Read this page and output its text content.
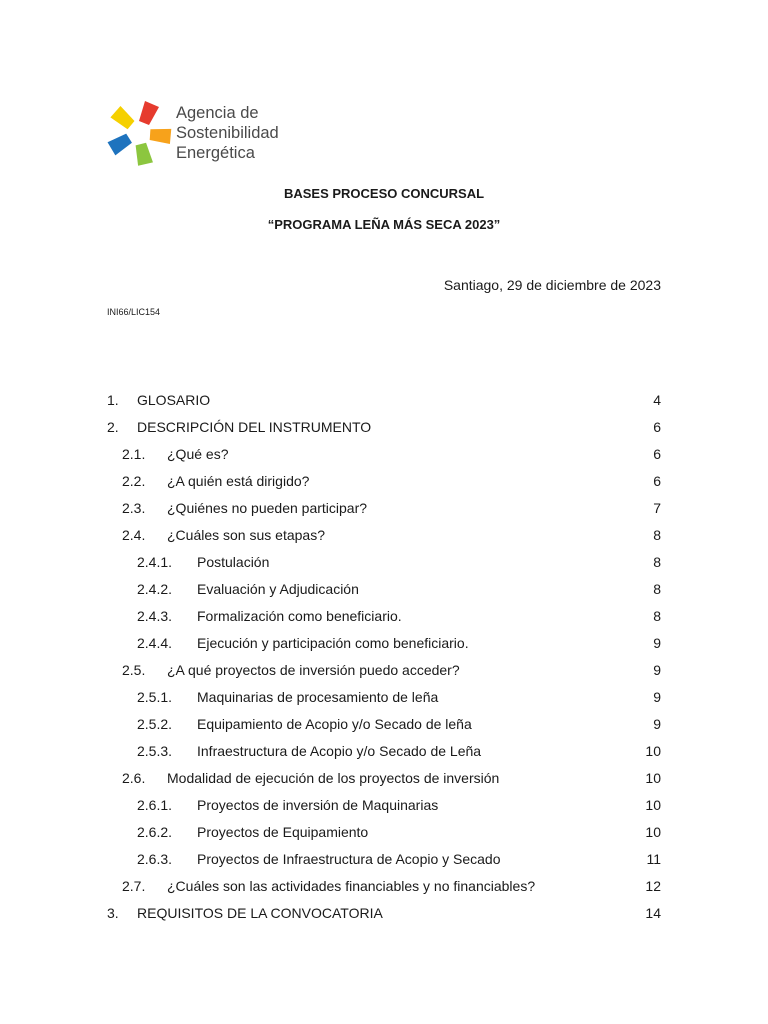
Agencia de
Sostenibilidad
Energética
BASES PROCESO CONCURSAL
“PROGRAMA LEÑA MÁS SECA 2023”
Santiago, 29 de diciembre de 2023
INI66/LIC154
1. GLOSARIO	4
2. DESCRIPCIÓN DEL INSTRUMENTO	6
2.1. ¿Qué es?	6
2.2. ¿A quién está dirigido?	6
2.3. ¿Quiénes no pueden participar?	7
2.4. ¿Cuáles son sus etapas?	8
2.4.1. Postulación	8
2.4.2. Evaluación y Adjudicación	8
2.4.3. Formalización como beneficiario.	8
2.4.4. Ejecución y participación como beneficiario.	9
2.5. ¿A qué proyectos de inversión puedo acceder?	9
2.5.1. Maquinarias de procesamiento de leña	9
2.5.2. Equipamiento de Acopio y/o Secado de leña	9
2.5.3. Infraestructura de Acopio y/o Secado de Leña	10
2.6. Modalidad de ejecución de los proyectos de inversión	10
2.6.1. Proyectos de inversión de Maquinarias	10
2.6.2. Proyectos de Equipamiento	10
2.6.3. Proyectos de Infraestructura de Acopio y Secado	11
2.7. ¿Cuáles son las actividades financiables y no financiables?	12
3. REQUISITOS DE LA CONVOCATORIA	14
